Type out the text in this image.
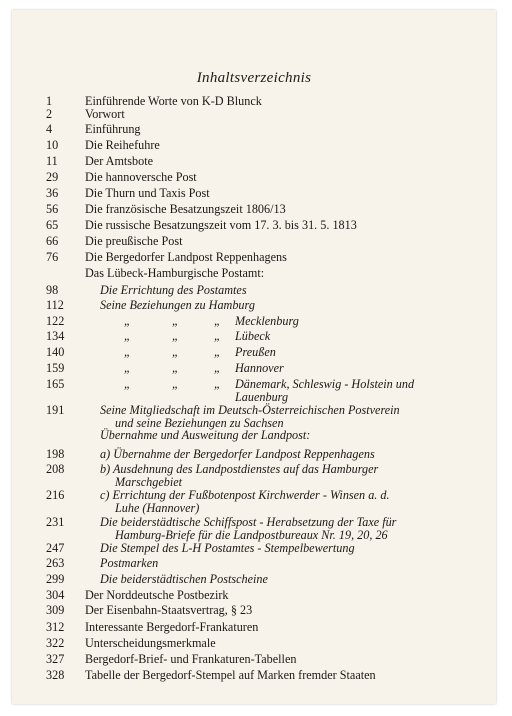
Inhaltsverzeichnis
1	Einführende Worte von K-D Blunck
2	Vorwort
4	Einführung
10	Die Reihefuhre
11	Der Amtsbote
29	Die hannoversche Post
36	Die Thurn und Taxis Post
56	Die französische Besatzungszeit 1806/13
65	Die russische Besatzungszeit vom 17. 3. bis 31. 5. 1813
66	Die preußische Post
76	Die Bergedorfer Landpost Reppenhagens
Das Lübeck-Hamburgische Postamt:
98	Die Errichtung des Postamtes
112	Seine Beziehungen zu Hamburg
122	„	„	„ Mecklenburg
134	„	„	„ Lübeck
140	„	„	„ Preußen
159	„	„	„ Hannover
165	„	„	„ Dänemark, Schleswig - Holstein und
Lauenburg
191	Seine Mitgliedschaft im Deutsch-Österreichischen Postverein
und seine Beziehungen zu Sachsen
Übernahme und Ausweitung der Landpost:
198	a) Übernahme der Bergedorfer Landpost Reppenhagens
208	b) Ausdehnung des Landpostdienstes auf das Hamburger
Marschgebiet
216	c) Errichtung der Fußbotenpost Kirchwerder - Winsen a. d.
Luhe (Hannover)
231	Die beiderstädtische Schiffspost - Herabsetzung der Taxe für
Hamburg-Briefe für die Landpostbureaux Nr. 19, 20, 26
247	Die Stempel des L-H Postamtes - Stempelbewertung
263	Postmarken
299	Die beiderstädtischen Postscheine
304	Der Norddeutsche Postbezirk
309	Der Eisenbahn-Staatsvertrag, § 23
312	Interessante Bergedorf-Frankaturen
322	Unterscheidungsmerkmale
327	Bergedorf-Brief- und Frankaturen-Tabellen
328	Tabelle der Bergedorf-Stempel auf Marken fremder Staaten
